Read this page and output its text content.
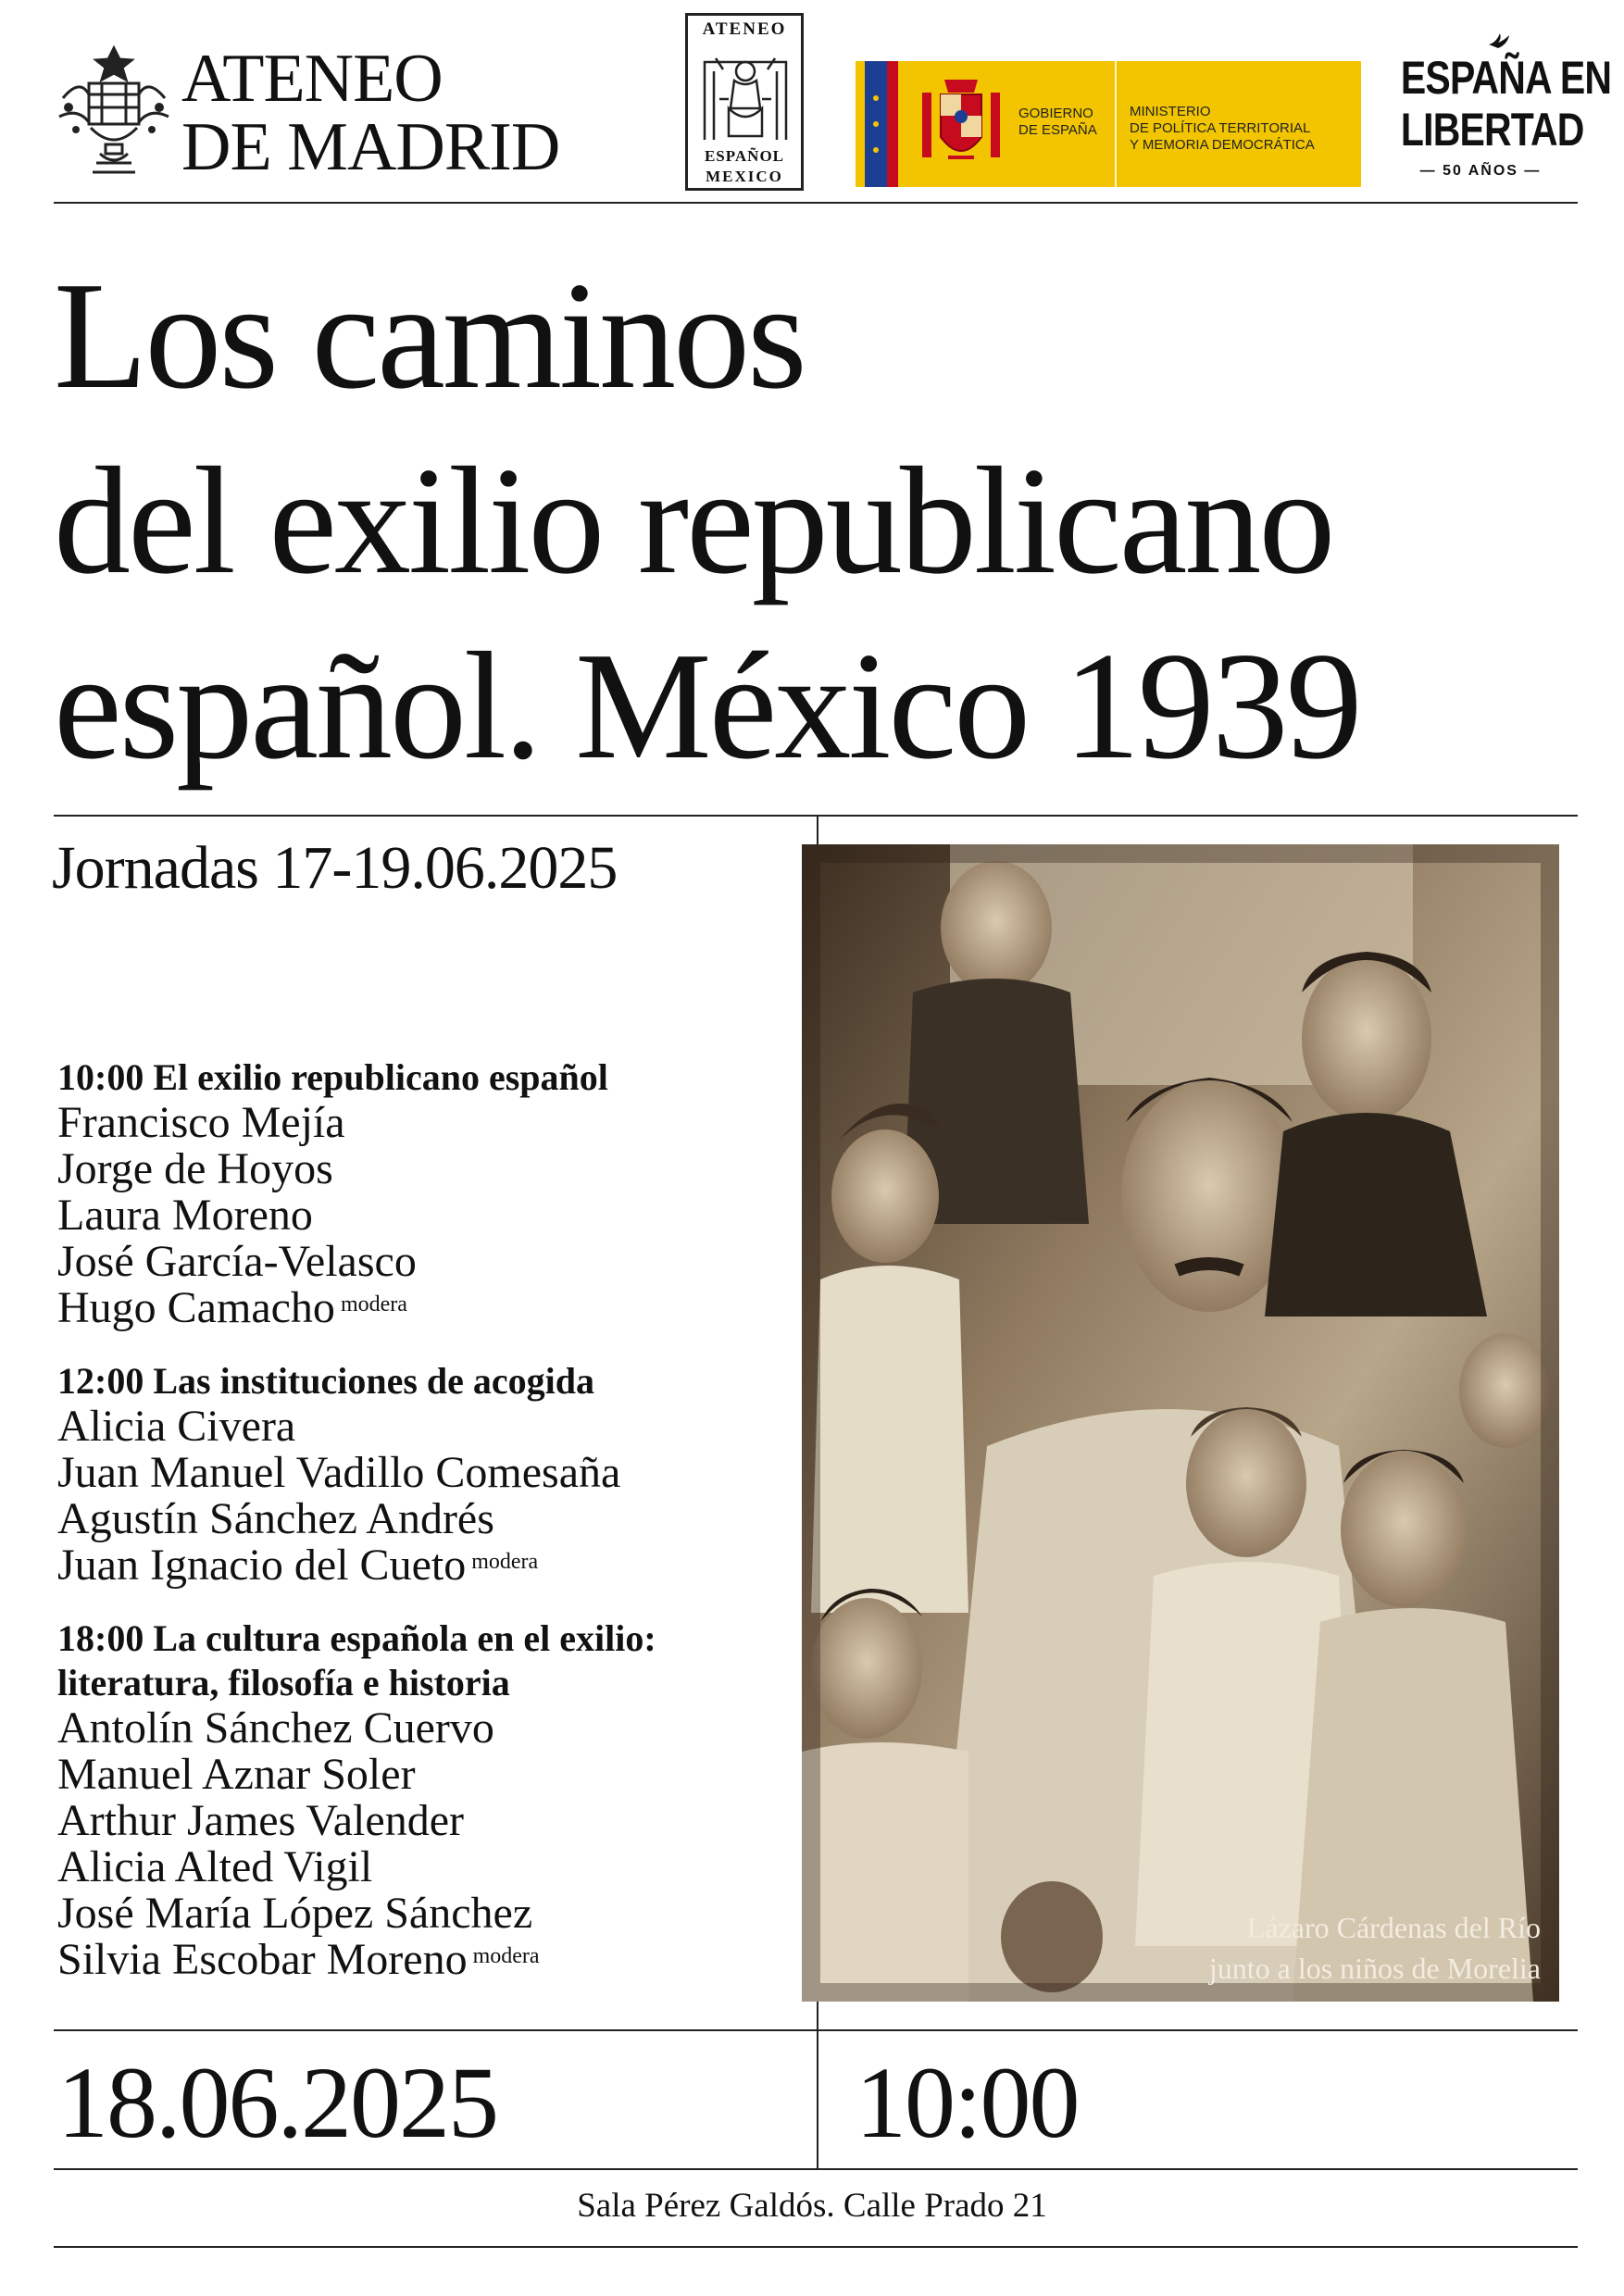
ATENEO
DE MADRID
ATENEO
ESPAÑOL
MEXICO
GOBIERNO
DE ESPAÑA
MINISTERIO
DE POLÍTICA TERRITORIAL
Y MEMORIA DEMOCRÁTICA
ESPAÑA EN
LIBERTAD
— 50 AÑOS —
Los caminos
del exilio republicano
español. México 1939
Jornadas 17-19.06.2025
10:00 El exilio republicano español
Francisco Mejía
Jorge de Hoyos
Laura Moreno
José García-Velasco
Hugo Camacho $^{modera}$
12:00 Las instituciones de acogida
Alicia Civera
Juan Manuel Vadillo Comesaña
Agustín Sánchez Andrés
Juan Ignacio del Cueto $^{modera}$
18:00 La cultura española en el exilio:
literatura, filosofía e historia
Antolín Sánchez Cuervo
Manuel Aznar Soler
Arthur James Valender
Alicia Alted Vigil
José María López Sánchez
Silvia Escobar Moreno $^{modera}$
Lázaro Cárdenas del Río
junto a los niños de Morelia
18.06.2025	10:00
Sala Pérez Galdós. Calle Prado 21
